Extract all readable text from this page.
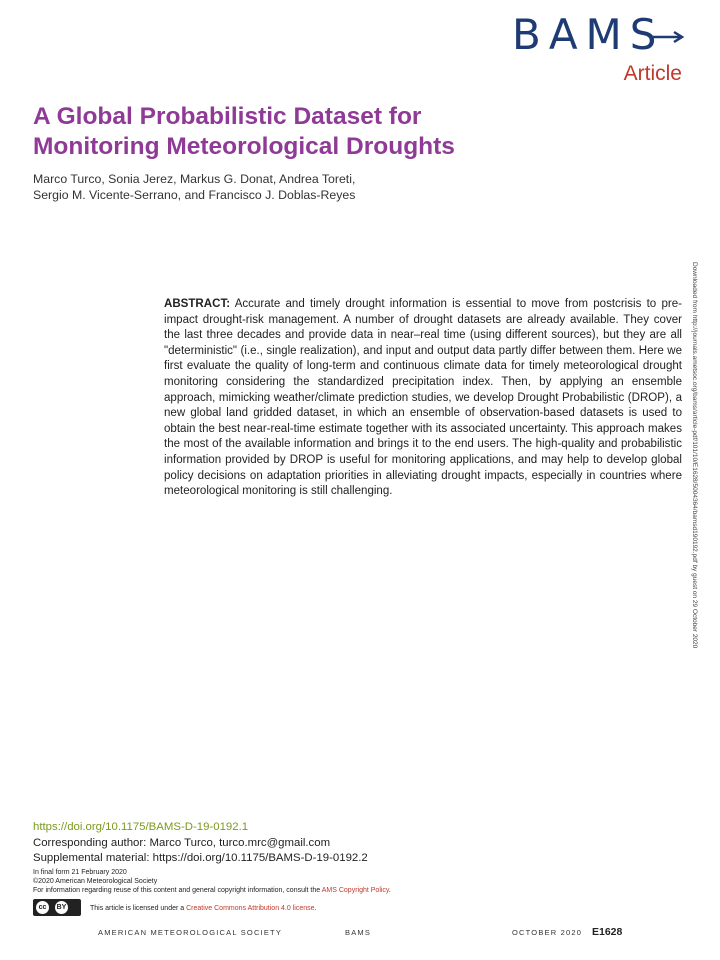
BAMS
Article
A Global Probabilistic Dataset for Monitoring Meteorological Droughts
Marco Turco, Sonia Jerez, Markus G. Donat, Andrea Toreti,
Sergio M. Vicente-Serrano, and Francisco J. Doblas-Reyes
Downloaded from http://journals.ametsoc.org/bams/article-pdf/101/10/E1628/5004364/bamsd190192.pdf by guest on 29 October 2020
ABSTRACT: Accurate and timely drought information is essential to move from postcrisis to pre-impact drought-risk management. A number of drought datasets are already available. They cover the last three decades and provide data in near–real time (using different sources), but they are all "deterministic" (i.e., single realization), and input and output data partly differ between them. Here we first evaluate the quality of long-term and continuous climate data for timely meteorological drought monitoring considering the standardized precipitation index. Then, by applying an ensemble approach, mimicking weather/climate prediction studies, we develop Drought Probabilistic (DROP), a new global land gridded dataset, in which an ensemble of observation-based datasets is used to obtain the best near-real-time estimate together with its associated uncertainty. This approach makes the most of the available information and brings it to the end users. The high-quality and probabilistic information provided by DROP is useful for monitoring applications, and may help to develop global policy decisions on adaptation priorities in alleviating drought impacts, especially in countries where meteorological monitoring is still challenging.
https://doi.org/10.1175/BAMS-D-19-0192.1
Corresponding author: Marco Turco, turco.mrc@gmail.com
Supplemental material: https://doi.org/10.1175/BAMS-D-19-0192.2
In final form 21 February 2020
©2020 American Meteorological Society
For information regarding reuse of this content and general copyright information, consult the AMS Copyright Policy.
cc	BY	This article is licensed under a Creative Commons Attribution 4.0 license.
AMERICAN METEOROLOGICAL SOCIETY	BAMS	OCTOBER 2020 E1628
